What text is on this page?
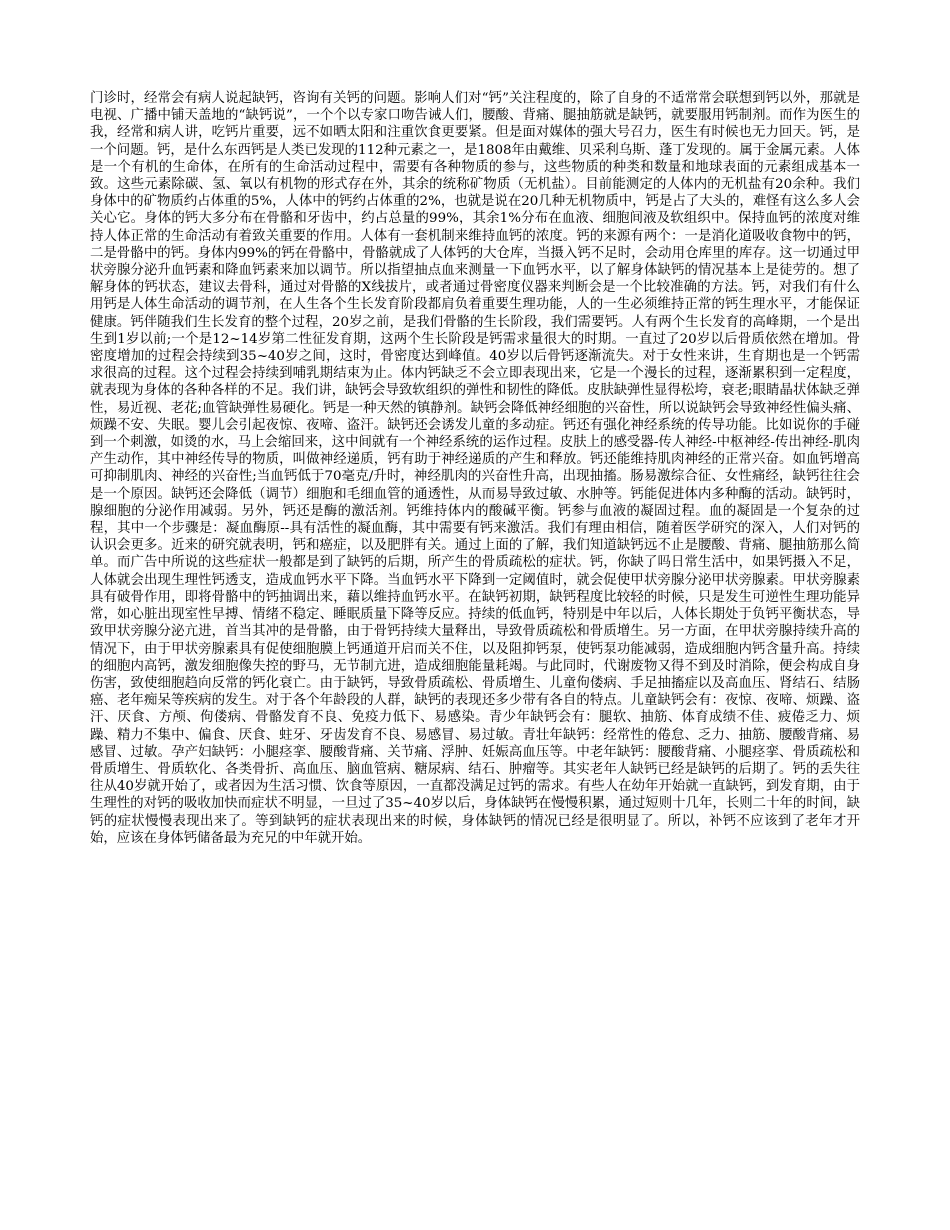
门诊时，经常会有病人说起缺钙，咨询有关钙的问题。影响人们对“钙”关注程度的，除了自身的不适常常会联想到钙以外，那就是电视、广播中铺天盖地的“缺钙说”，一个个以专家口吻告诫人们，腰酸、背痛、腿抽筋就是缺钙，就要服用钙制剂。而作为医生的我，经常和病人讲，吃钙片重要，远不如晒太阳和注重饮食更要紧。但是面对媒体的强大号召力，医生有时候也无力回天。钙，是一个问题。钙，是什么东西钙是人类已发现的112种元素之一，是1808年由戴维、贝采利乌斯、蓬丁发现的。属于金属元素。人体是一个有机的生命体，在所有的生命活动过程中，需要有各种物质的参与，这些物质的种类和数量和地球表面的元素组成基本一致。这些元素除碳、氢、氧以有机物的形式存在外，其余的统称矿物质（无机盐）。目前能测定的人体内的无机盐有20余种。我们身体中的矿物质约占体重的5%，人体中的钙约占体重的2%，也就是说在20几种无机物质中，钙是占了大头的，难怪有这么多人会关心它。身体的钙大多分布在骨骼和牙齿中，约占总量的99%，其余1%分布在血液、细胞间液及软组织中。保持血钙的浓度对维持人体正常的生命活动有着致关重要的作用。人体有一套机制来维持血钙的浓度。钙的来源有两个：一是消化道吸收食物中的钙，二是骨骼中的钙。身体内99%的钙在骨骼中，骨骼就成了人体钙的大仓库，当摄入钙不足时，会动用仓库里的库存。这一切通过甲状旁腺分泌升血钙素和降血钙素来加以调节。所以指望抽点血来测量一下血钙水平，以了解身体缺钙的情况基本上是徒劳的。想了解身体的钙状态，建议去骨科，通过对骨骼的X线拔片，或者通过骨密度仪器来判断会是一个比较准确的方法。钙，对我们有什么用钙是人体生命活动的调节剂，在人生各个生长发育阶段都肩负着重要生理功能，人的一生必须维持正常的钙生理水平，才能保证健康。钙伴随我们生长发育的整个过程，20岁之前，是我们骨骼的生长阶段，我们需要钙。人有两个生长发育的高峰期，一个是出生到1岁以前;一个是12~14岁第二性征发育期，这两个生长阶段是钙需求量很大的时期。一直过了20岁以后骨质依然在增加。骨密度增加的过程会持续到35~40岁之间，这时，骨密度达到峰值。40岁以后骨钙逐渐流失。对于女性来讲，生育期也是一个钙需求很高的过程。这个过程会持续到哺乳期结束为止。体内钙缺乏不会立即表现出来，它是一个漫长的过程，逐渐累积到一定程度，就表现为身体的各种各样的不足。我们讲，缺钙会导致软组织的弹性和韧性的降低。皮肤缺弹性显得松垮，衰老;眼睛晶状体缺乏弹性，易近视、老花;血管缺弹性易硬化。钙是一种天然的镇静剂。缺钙会降低神经细胞的兴奋性，所以说缺钙会导致神经性偏头痛、烦躁不安、失眠。婴儿会引起夜惊、夜啼、盗汗。缺钙还会诱发儿童的多动症。钙还有强化神经系统的传导功能。比如说你的手碰到一个刺激，如烫的水，马上会缩回来，这中间就有一个神经系统的运作过程。皮肤上的感受器-传人神经-中枢神经-传出神经-肌肉产生动作，其中神经传导的物质，叫做神经递质，钙有助于神经递质的产生和释放。钙还能维持肌肉神经的正常兴奋。如血钙增高可抑制肌肉、神经的兴奋性;当血钙低于70毫克/升时，神经肌肉的兴奋性升高，出现抽搐。肠易激综合征、女性痛经，缺钙往往会是一个原因。缺钙还会降低（调节）细胞和毛细血管的通透性，从而易导致过敏、水肿等。钙能促进体内多种酶的活动。缺钙时，腺细胞的分泌作用减弱。另外，钙还是酶的激活剂。钙维持体内的酸碱平衡。钙参与血液的凝固过程。血的凝固是一个复杂的过程，其中一个步骤是：凝血酶原--具有活性的凝血酶，其中需要有钙来激活。我们有理由相信，随着医学研究的深入，人们对钙的认识会更多。近来的研究就表明，钙和癌症，以及肥胖有关。通过上面的了解，我们知道缺钙远不止是腰酸、背痛、腿抽筋那么简单。而广告中所说的这些症状一般都是到了缺钙的后期，所产生的骨质疏松的症状。钙，你缺了吗日常生活中，如果钙摄入不足，人体就会出现生理性钙透支，造成血钙水平下降。当血钙水平下降到一定阈值时，就会促使甲状旁腺分泌甲状旁腺素。甲状旁腺素具有破骨作用，即将骨骼中的钙抽调出来，藉以维持血钙水平。在缺钙初期，缺钙程度比较轻的时候，只是发生可逆性生理功能异常，如心脏出现室性早搏、情绪不稳定、睡眠质量下降等反应。持续的低血钙，特别是中年以后，人体长期处于负钙平衡状态，导致甲状旁腺分泌亢进，首当其冲的是骨骼，由于骨钙持续大量释出，导致骨质疏松和骨质增生。另一方面，在甲状旁腺持续升高的情况下，由于甲状旁腺素具有促使细胞膜上钙通道开启而关不住，以及阻抑钙泵，使钙泵功能减弱，造成细胞内钙含量升高。持续的细胞内高钙，激发细胞像失控的野马，无节制亢进，造成细胞能量耗竭。与此同时，代谢废物又得不到及时消除，便会构成自身伤害，致使细胞趋向反常的钙化衰亡。由于缺钙，导致骨质疏松、骨质增生、儿童佝偻病、手足抽搐症以及高血压、肾结石、结肠癌、老年痴呆等疾病的发生。对于各个年龄段的人群，缺钙的表现还多少带有各自的特点。儿童缺钙会有：夜惊、夜啼、烦躁、盗汗、厌食、方颅、佝偻病、骨骼发育不良、免疫力低下、易感染。青少年缺钙会有：腿软、抽筋、体育成绩不佳、疲倦乏力、烦躁、精力不集中、偏食、厌食、蛀牙、牙齿发育不良、易感冒、易过敏。青壮年缺钙：经常性的倦怠、乏力、抽筋、腰酸背痛、易感冒、过敏。孕产妇缺钙：小腿痉挛、腰酸背痛、关节痛、浮肿、妊娠高血压等。中老年缺钙：腰酸背痛、小腿痉挛、骨质疏松和骨质增生、骨质软化、各类骨折、高血压、脑血管病、糖尿病、结石、肿瘤等。其实老年人缺钙已经是缺钙的后期了。钙的丢失往往从40岁就开始了，或者因为生活习惯、饮食等原因，一直都没满足过钙的需求。有些人在幼年开始就一直缺钙，到发育期，由于生理性的对钙的吸收加快而症状不明显，一旦过了35~40岁以后，身体缺钙在慢慢积累，通过短则十几年，长则二十年的时间，缺钙的症状慢慢表现出来了。等到缺钙的症状表现出来的时候，身体缺钙的情况已经是很明显了。所以，补钙不应该到了老年才开始，应该在身体钙储备最为充兄的中年就开始。
